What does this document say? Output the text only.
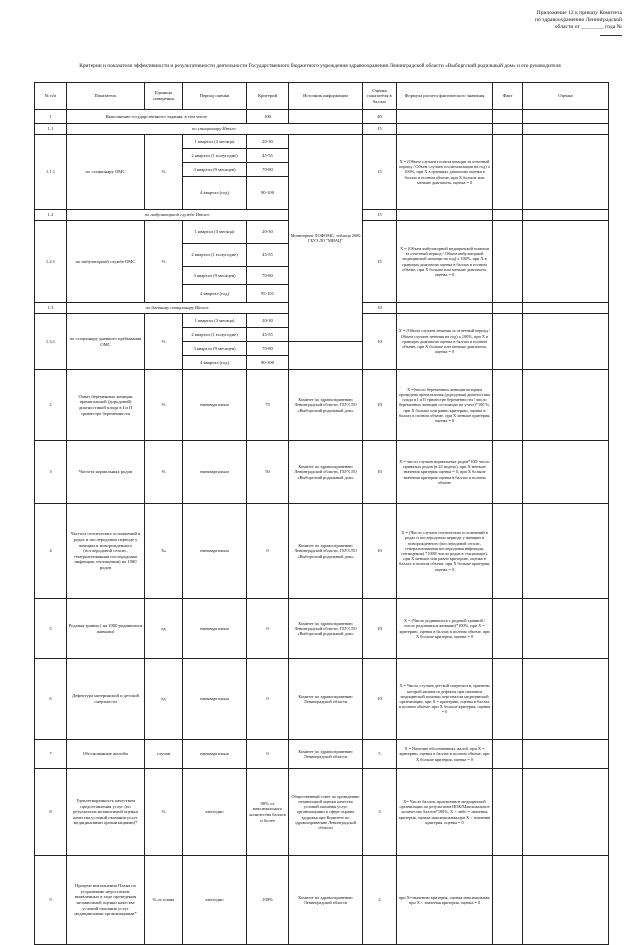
Приложение 12 к приказу Комитета
по здравоохранению Ленинградской
области от ________ года №
Критерии и показатели эффективности и результативности деятельности Государственного бюджетного учреждения здравоохранения Ленинградской области «Выборгский родильный дом» и его руководителя
№ п/п	Показатель	Единица измерения	Период оценки	Критерий	Источник информации	Оценка показателя в баллах	Формула расчета фактического значения	Факт	Оценка
1	Выполнение государственного задания, в том числе			100		40			
1.1	по стационару Итого:					15			
1.1.1	по стационару ОМС	%	1 квартал (3 месяца)	20-30	Мониторинг ЛОФОМС, таблица 2000 ГБУЗ ЛО "МИАЦ"	15	Х = (Объем случаев госпитализации за отчетный период / Объем случаев госпитализации на год) х 100%, при Х в границах диапазона оценка в баллах в полном объеме, при Х больше или меньше диапазона, оценка = 0		
			2 квартал (1 полугодие)	45-55					
			3 квартал (9 месяцев)	70-80					
			4 квартал (год)	90-100					
1.2	по амбулаторной службе Итого:					15			
1.2.1	по амбулаторной службе ОМС	%	1 квартал (3 месяца)	20-30		15	Х = (Объем амбулаторной медицинской помощи за отчетный период / Объем амбулаторной медицинской помощи на год) х 100%, при Х в границах диапазона оценка в баллах в полном объеме, при Х больше или меньше диапазона, оценка = 0		
			2 квартал (1 полугодие)	45-55					
			3 квартал (9 месяцев)	70-80					
			4 квартал (год)	95-101					
1.3	по дневному стационару Итого:					10			
1.3.1	по стационару дневного пребывания ОМС	%	1 квартал (3 месяца)	20-30		10	Х = (Объем случаев лечения за отчетный период / Объем случаев лечения на год) х 100%, при Х в границах диапазона оценка в баллах в полном объеме, при Х больше или меньше диапазона, оценка = 0		
			2 квартал (1 полугодие)	45-55					
			3 квартал (9 месяцев)	70-80					
			4 квартал (год)	90-100					
2	Охват беременных женщин пренатальной (дородовой) диагностикой плода в I и II триместре беременности	%	ежеквартально	75	Комитет по здравоохранению Ленинградской области, ГБУЗ ЛО «Выборгский родильный дом»	10	Х =(число беременных женщин которым проведена пренатальная (дородовая) диагностика плода в I и II триместре беременности / число беременных женщин состоящих на учете)*100 %, при Х больше или равно критерию, оценка в баллах в полном объеме, при Х меньше критерия, оценка = 0		
3	Частота нормальных родов	%	ежеквартально	50	Комитет по здравоохранению Ленинградской области, ГБУЗ ЛО «Выборгский родильный дом»	10	Х = число случаев нормальных родов*100/ число принятых родов (в 22 недель), при Х меньше значения критерия оценка = 0, при Х больше значения критерия оценка в баллах в полном объеме		
4	Частота септических осложнений в родах и послеродовом периоде у женщин и новорожденного (послеродовой сепсис, генерализованная послеродовая инфекция, септицемия) на 1000 родов	‰	ежеквартально	0	Комитет по здравоохранению Ленинградской области, ГБУЗ ЛО «Выборгский родильный дом»	10	Х = (Число случаев септических осложнений в родах и послеродовом периоде у женщин и новорожденного (послеродовой сепсис, генерализованная послеродовая инфекция, септицемия) *1000/ число родов в стационаре), при Х меньше или равно критерию, оценка в баллах в полном объеме, при Х больше критерия, оценка = 0		
5	Родовая травма ( на 1000 родившихся живыми)	ед	ежеквартально	0	Комитет по здравоохранению Ленинградской области, ГБУЗ ЛО «Выборгский родильный дом»	10	Х = (Число родившихся с родовой травмой / число родившихся живыми)*100%, при Х = критерию, оценка в баллах в полном объеме, при Х больше критерия, оценка = 0		
6	Дефектура материнской и детской смертности	ед	ежеквартально	0	Комитет по здравоохранению Ленинградской области	10	Х = Число случаев детской смертности, причины которой являются дефекты при оказании медицинской помощи персоналом медицинской организации, при Х = критерию, оценка в баллах в полном объеме, при Х больше критерия, оценка = 0		
7	Обоснованные жалобы	случаи	ежеквартально	0	Комитет по здравоохранению Ленинградской области	5	Х = Наличие обоснованных жалоб, при Х = критерию, оценка в баллах в полном объеме, при Х больше критерия, оценка = 0		
8	Удовлетворенность качеством предоставления услуг (по результатам независимой оценки качества условий оказания услуг медицинскими организациями)*	%	ежегодно	90% от максимального количества баллов и более	Общественный совет по проведению независимой оценки качества условий оказания услуг организациями в сфере охраны здоровья при Комитете по здравоохранению Ленинградской области	3	Х= Число баллов, присвоенное медицинской организации по результатам НОК/Максимальное количество баллов*100%, Х > либо = значения критерия, оценка максимальная,при Х < значения критерия, оценка = 0		
9	Процент выполнения Плана по устранению недостатков, выявленных в ходе проведения независимой оценки качества условий оказания услуг медицинскими организациями*	% от плана	ежегодно	100%	Комитет по здравоохранению Ленинградской области	2	при Х=значению критерия, оценка максимальная; при Х < значения критерия, оценка = 0		
